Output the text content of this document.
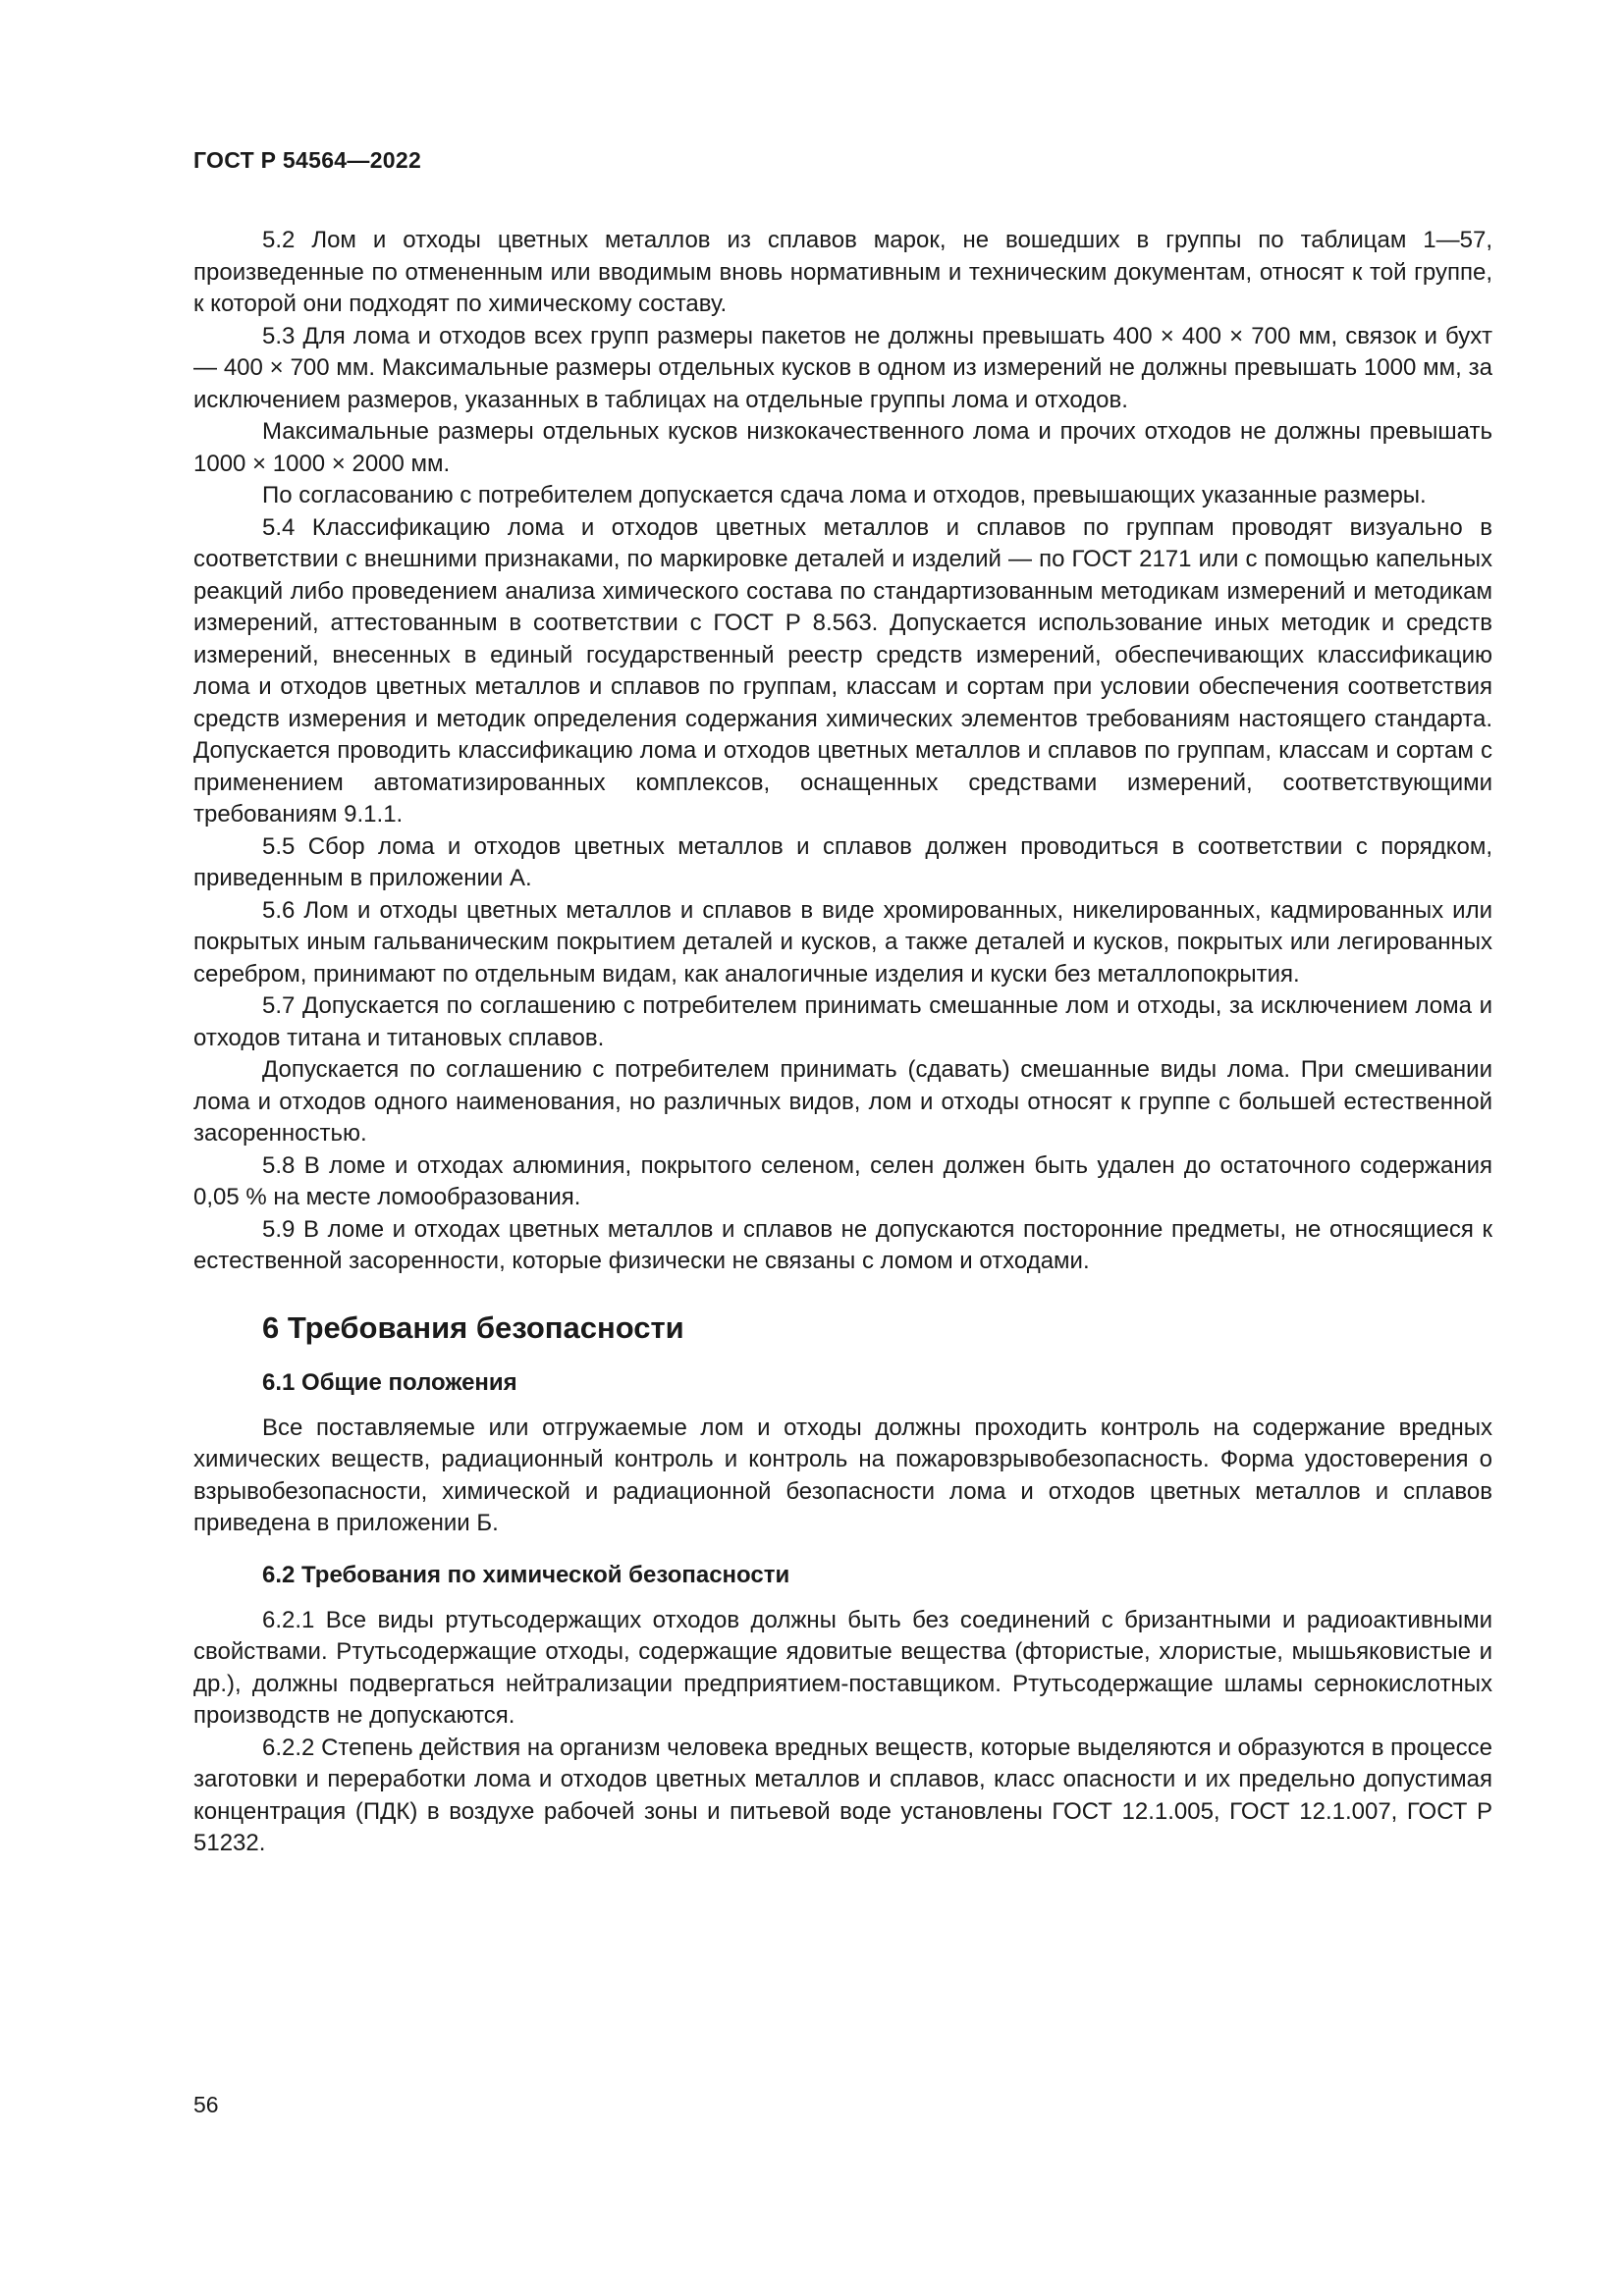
ГОСТ Р 54564—2022

5.2 Лом и отходы цветных металлов из сплавов марок, не вошедших в группы по таблицам 1—57, произведенные по отмененным или вводимым вновь нормативным и техническим документам, относят к той группе, к которой они подходят по химическому составу.

5.3 Для лома и отходов всех групп размеры пакетов не должны превышать 400 × 400 × 700 мм, связок и бухт — 400 × 700 мм. Максимальные размеры отдельных кусков в одном из измерений не должны превышать 1000 мм, за исключением размеров, указанных в таблицах на отдельные группы лома и отходов.

Максимальные размеры отдельных кусков низкокачественного лома и прочих отходов не должны превышать 1000 × 1000 × 2000 мм.

По согласованию с потребителем допускается сдача лома и отходов, превышающих указанные размеры.

5.4 Классификацию лома и отходов цветных металлов и сплавов по группам проводят визуально в соответствии с внешними признаками, по маркировке деталей и изделий — по ГОСТ 2171 или с помощью капельных реакций либо проведением анализа химического состава по стандартизованным методикам измерений и методикам измерений, аттестованным в соответствии с ГОСТ Р 8.563. Допускается использование иных методик и средств измерений, внесенных в единый государственный реестр средств измерений, обеспечивающих классификацию лома и отходов цветных металлов и сплавов по группам, классам и сортам при условии обеспечения соответствия средств измерения и методик определения содержания химических элементов требованиям настоящего стандарта. Допускается проводить классификацию лома и отходов цветных металлов и сплавов по группам, классам и сортам с применением автоматизированных комплексов, оснащенных средствами измерений, соответствующими требованиям 9.1.1.

5.5 Сбор лома и отходов цветных металлов и сплавов должен проводиться в соответствии с порядком, приведенным в приложении А.

5.6 Лом и отходы цветных металлов и сплавов в виде хромированных, никелированных, кадмированных или покрытых иным гальваническим покрытием деталей и кусков, а также деталей и кусков, покрытых или легированных серебром, принимают по отдельным видам, как аналогичные изделия и куски без металлопокрытия.

5.7 Допускается по соглашению с потребителем принимать смешанные лом и отходы, за исключением лома и отходов титана и титановых сплавов.

Допускается по соглашению с потребителем принимать (сдавать) смешанные виды лома. При смешивании лома и отходов одного наименования, но различных видов, лом и отходы относят к группе с большей естественной засоренностью.

5.8 В ломе и отходах алюминия, покрытого селеном, селен должен быть удален до остаточного содержания 0,05 % на месте ломообразования.

5.9 В ломе и отходах цветных металлов и сплавов не допускаются посторонние предметы, не относящиеся к естественной засоренности, которые физически не связаны с ломом и отходами.

6 Требования безопасности
6.1 Общие положения

Все поставляемые или отгружаемые лом и отходы должны проходить контроль на содержание вредных химических веществ, радиационный контроль и контроль на пожаровзрывобезопасность. Форма удостоверения о взрывобезопасности, химической и радиационной безопасности лома и отходов цветных металлов и сплавов приведена в приложении Б.

6.2 Требования по химической безопасности

6.2.1 Все виды ртутьсодержащих отходов должны быть без соединений с бризантными и радиоактивными свойствами. Ртутьсодержащие отходы, содержащие ядовитые вещества (фтористые, хлористые, мышьяковистые и др.), должны подвергаться нейтрализации предприятием-поставщиком. Ртутьсодержащие шламы сернокислотных производств не допускаются.

6.2.2 Степень действия на организм человека вредных веществ, которые выделяются и образуются в процессе заготовки и переработки лома и отходов цветных металлов и сплавов, класс опасности и их предельно допустимая концентрация (ПДК) в воздухе рабочей зоны и питьевой воде установлены ГОСТ 12.1.005, ГОСТ 12.1.007, ГОСТ Р 51232.

56
